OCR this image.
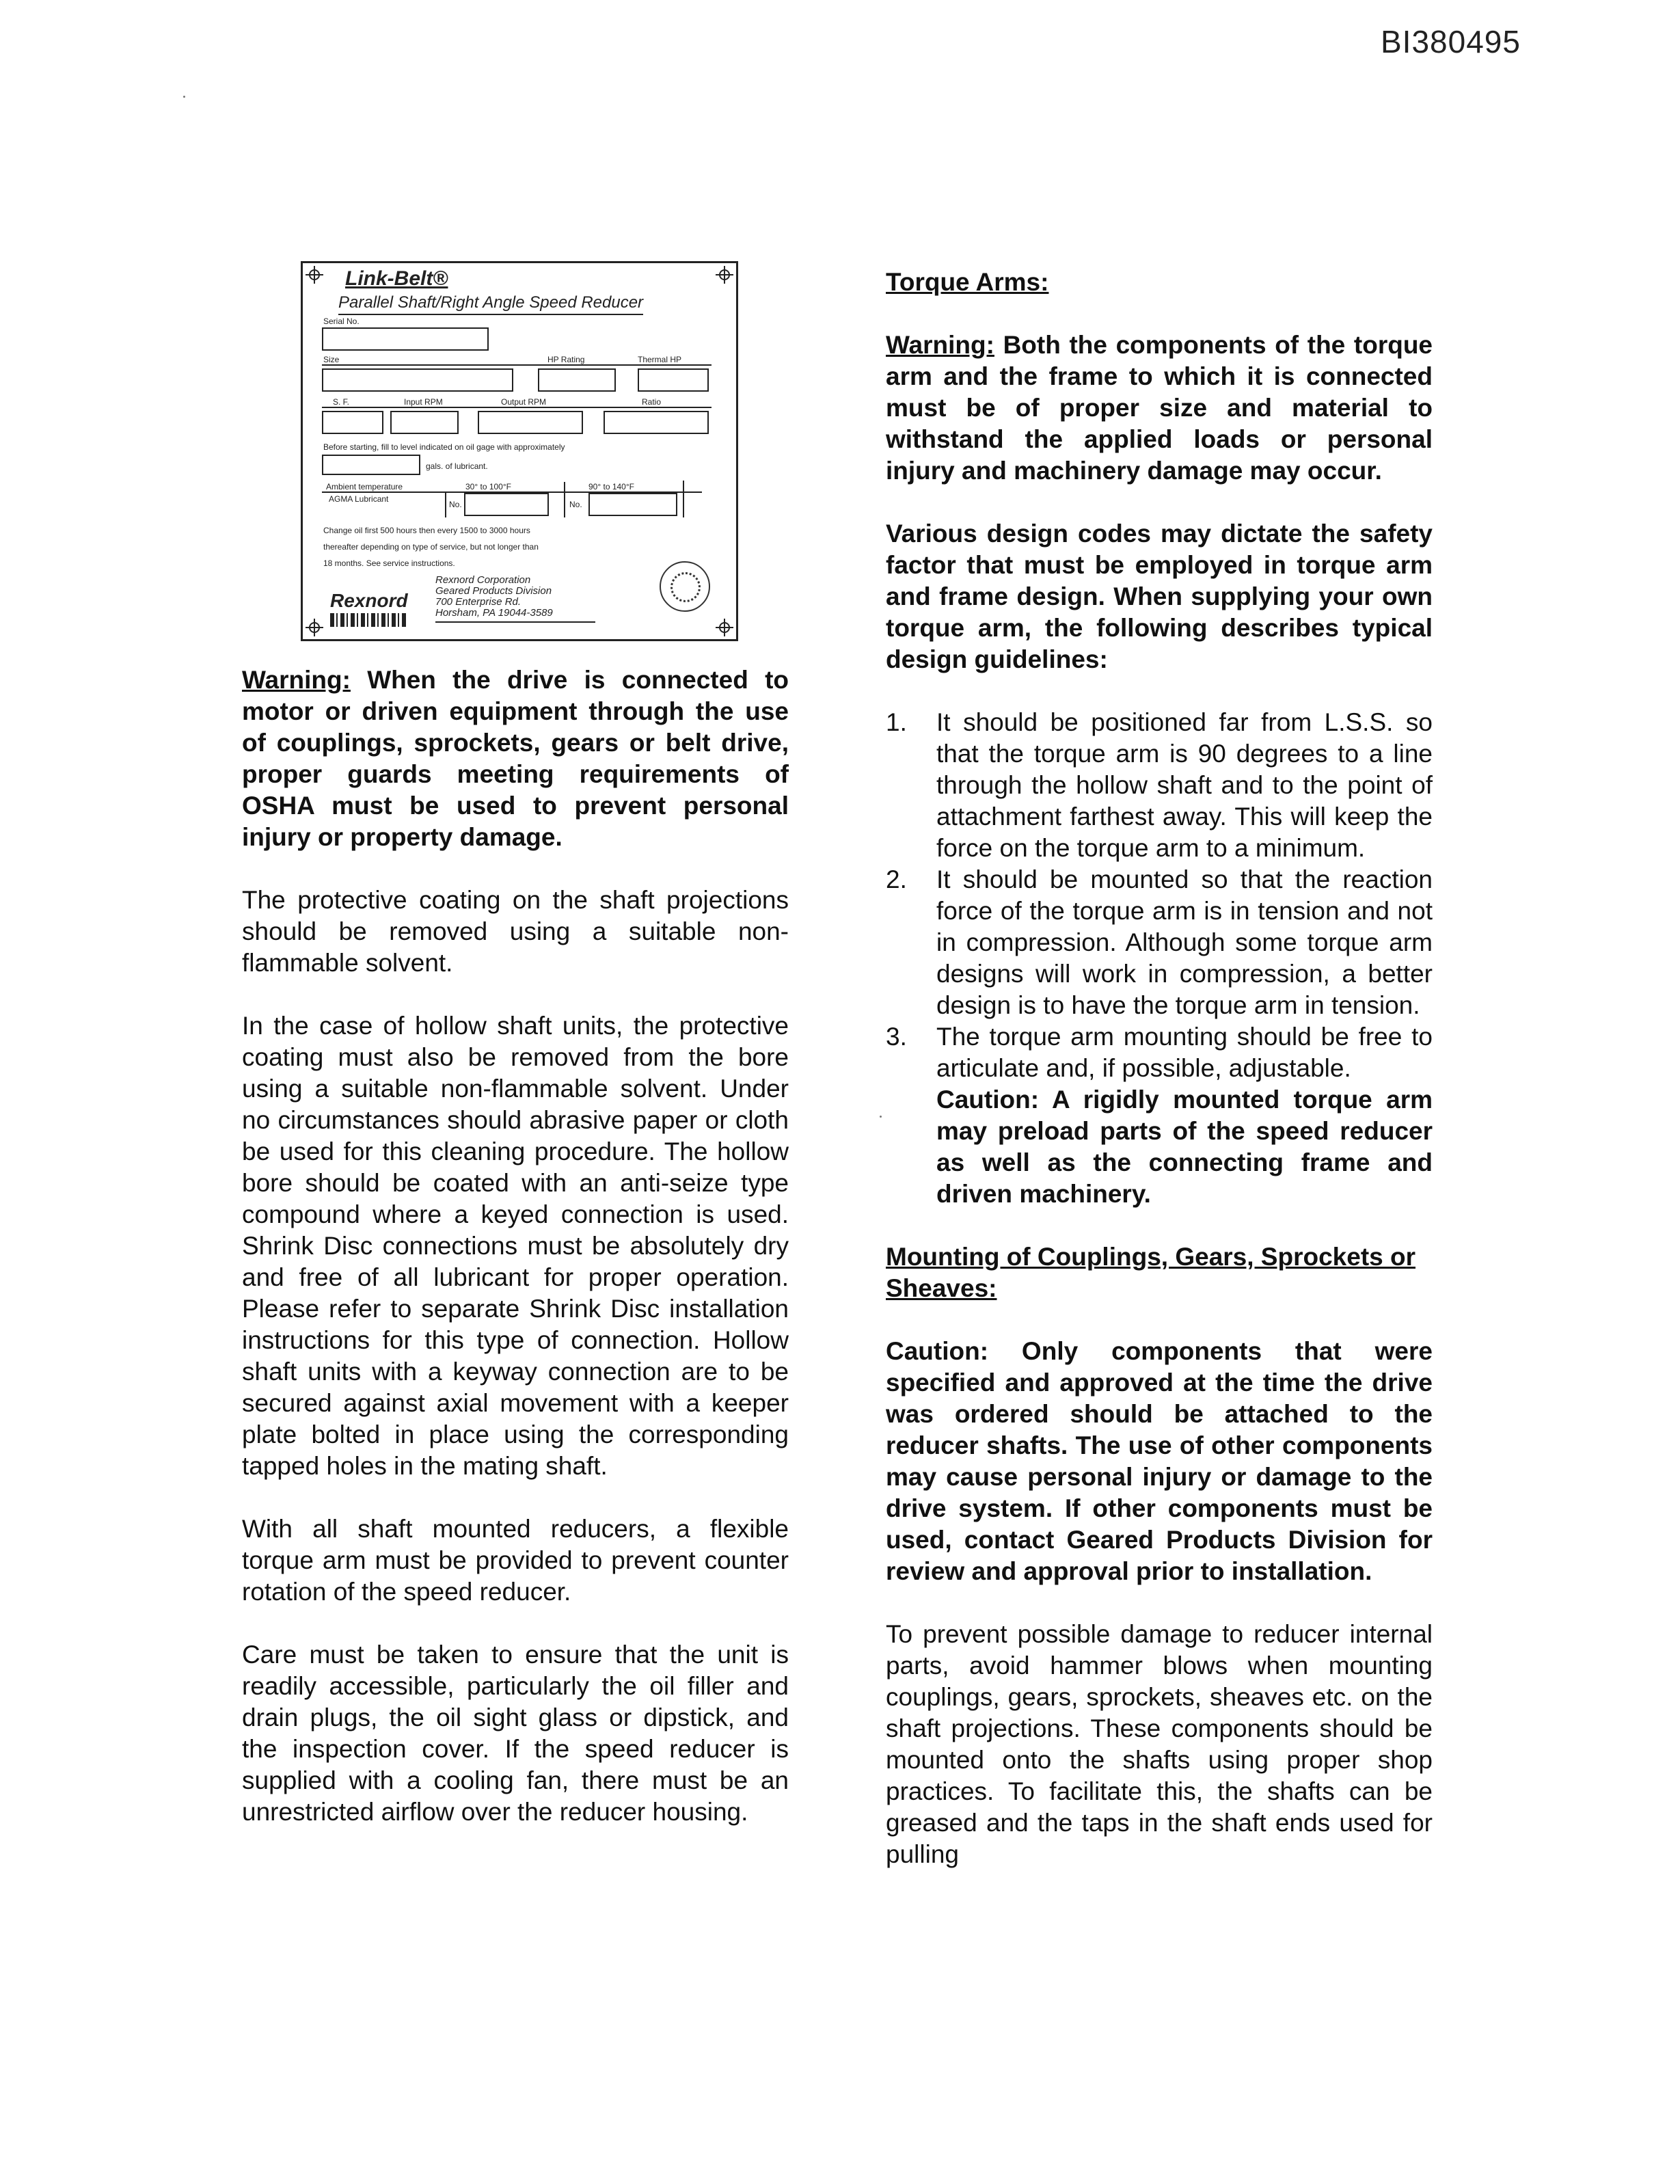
BI380495
Link-Belt®
Parallel Shaft/Right Angle Speed Reducer
Serial No.
Size	HP Rating	Thermal HP
S. F.	Input RPM	Output RPM	Ratio
Before starting, fill to level indicated on oil gage with approximately
gals. of lubricant.
Ambient temperature	30° to 100°F	90° to 140°F
AGMA Lubricant
No.	No.
Change oil first 500 hours then every 1500 to 3000 hours
thereafter depending on type of service, but not longer than
18 months. See service instructions.
Rexnord Corporation
Geared Products Division
700 Enterprise Rd.
Horsham, PA 19044-3589
Rexnord

Warning: When the drive is connected to motor or driven equipment through the use of couplings, sprockets, gears or belt drive, proper guards meeting requirements of OSHA must be used to prevent personal injury or property damage.

The protective coating on the shaft projections should be removed using a suitable non-flammable solvent.

In the case of hollow shaft units, the protective coating must also be removed from the bore using a suitable non-flammable solvent. Under no circumstances should abrasive paper or cloth be used for this cleaning procedure. The hollow bore should be coated with an anti-seize type compound where a keyed connection is used. Shrink Disc connections must be absolutely dry and free of all lubricant for proper operation. Please refer to separate Shrink Disc installation instructions for this type of connection. Hollow shaft units with a keyway connection are to be secured against axial movement with a keeper plate bolted in place using the corresponding tapped holes in the mating shaft.

With all shaft mounted reducers, a flexible torque arm must be provided to prevent counter rotation of the speed reducer.

Care must be taken to ensure that the unit is readily accessible, particularly the oil filler and drain plugs, the oil sight glass or dipstick, and the inspection cover. If the speed reducer is supplied with a cooling fan, there must be an unrestricted airflow over the reducer housing.

Torque Arms:

Warning: Both the components of the torque arm and the frame to which it is connected must be of proper size and material to withstand the applied loads or personal injury and machinery damage may occur.

Various design codes may dictate the safety factor that must be employed in torque arm and frame design. When supplying your own torque arm, the following describes typical design guidelines:

1. It should be positioned far from L.S.S. so that the torque arm is 90 degrees to a line through the hollow shaft and to the point of attachment farthest away. This will keep the force on the torque arm to a minimum.
2. It should be mounted so that the reaction force of the torque arm is in tension and not in compression. Although some torque arm designs will work in compression, a better design is to have the torque arm in tension.
3. The torque arm mounting should be free to articulate and, if possible, adjustable.
Caution: A rigidly mounted torque arm may preload parts of the speed reducer as well as the connecting frame and driven machinery.
Mounting of Couplings, Gears, Sprockets or Sheaves:

Caution: Only components that were specified and approved at the time the drive was ordered should be attached to the reducer shafts. The use of other components may cause personal injury or damage to the drive system. If other components must be used, contact Geared Products Division for review and approval prior to installation.

To prevent possible damage to reducer internal parts, avoid hammer blows when mounting couplings, gears, sprockets, sheaves etc. on the shaft projections. These components should be mounted onto the shafts using proper shop practices. To facilitate this, the shafts can be greased and the taps in the shaft ends used for pulling
